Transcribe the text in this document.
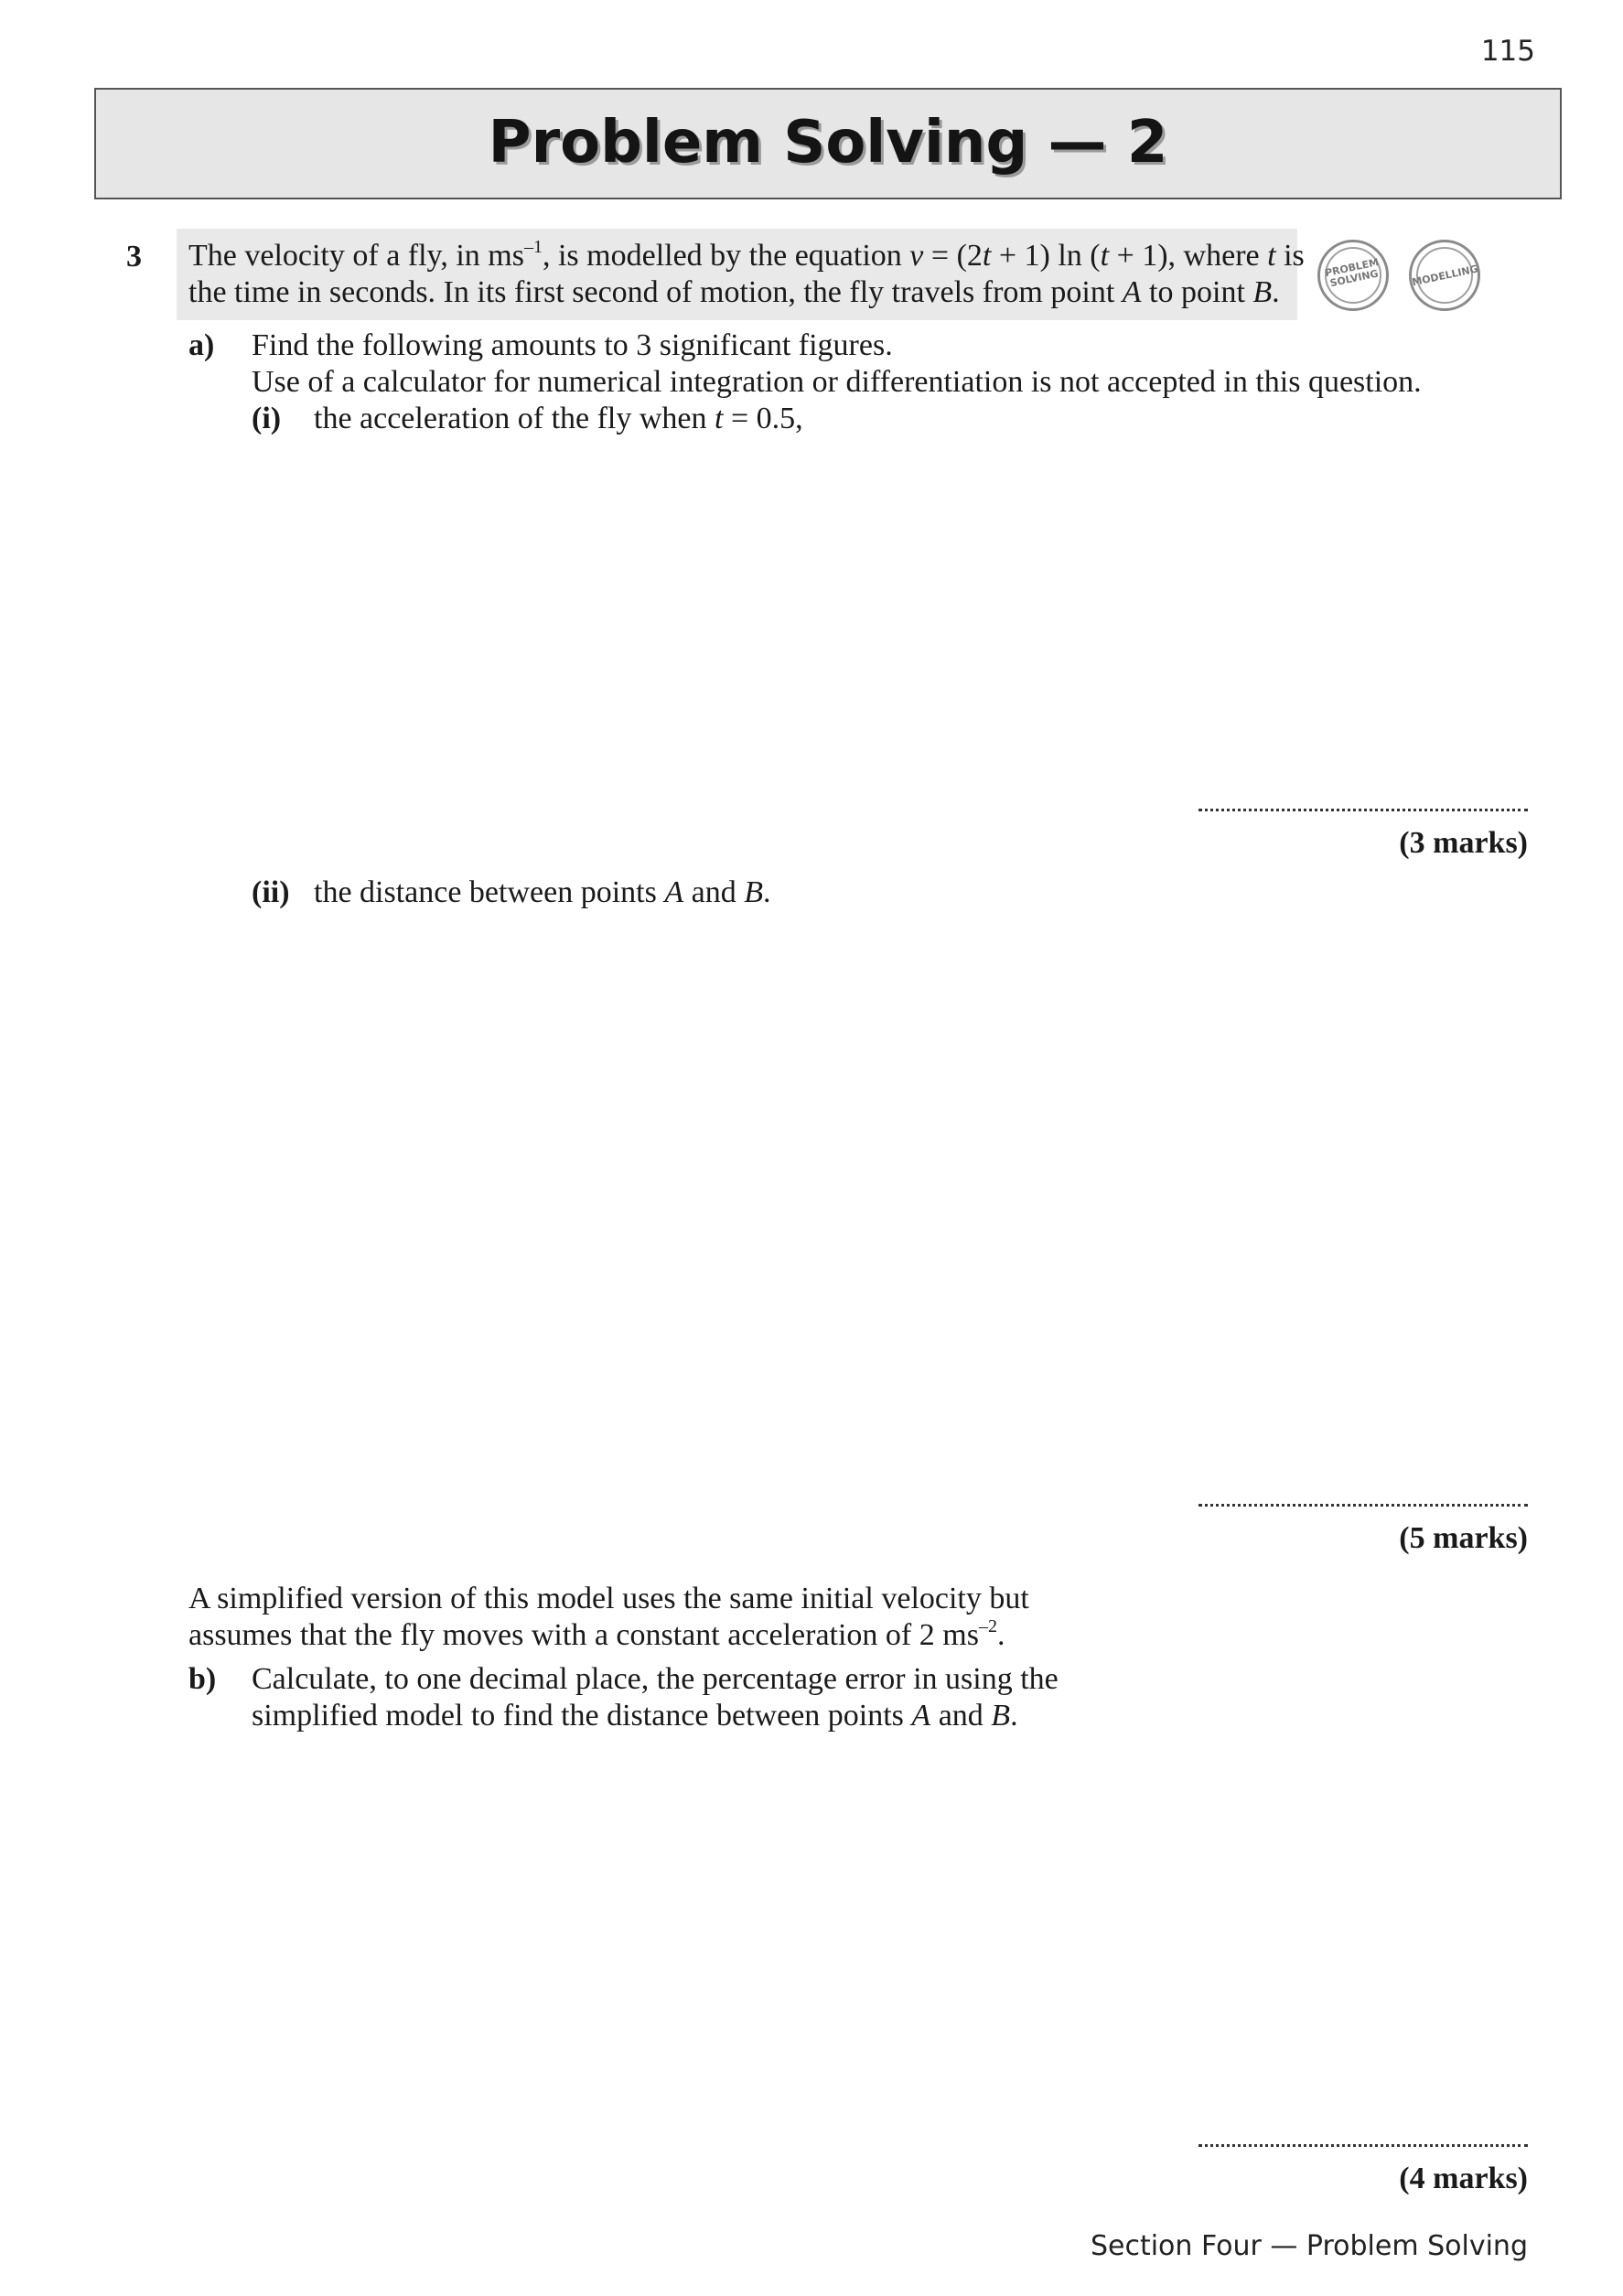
115
Problem Solving — 2
3 The velocity of a fly, in $ms^{-1}$, is modelled by the equation v = (2t + 1) ln (t + 1), where t is
the time in seconds. In its first second of motion, the fly travels from point A to point B.
PROBLEM
SOLVING	MODELLING
a) Find the following amounts to 3 significant figures.
Use of a calculator for numerical integration or differentiation is not accepted in this question.
(i) the acceleration of the fly when t = 0.5,
(3 marks)
(ii) the distance between points A and B.
(5 marks)
A simplified version of this model uses the same initial velocity but
assumes that the fly moves with a constant acceleration of 2 $ms^{-2}$.
b) Calculate, to one decimal place, the percentage error in using the
simplified model to find the distance between points A and B.
(4 marks)
Section Four — Problem Solving
